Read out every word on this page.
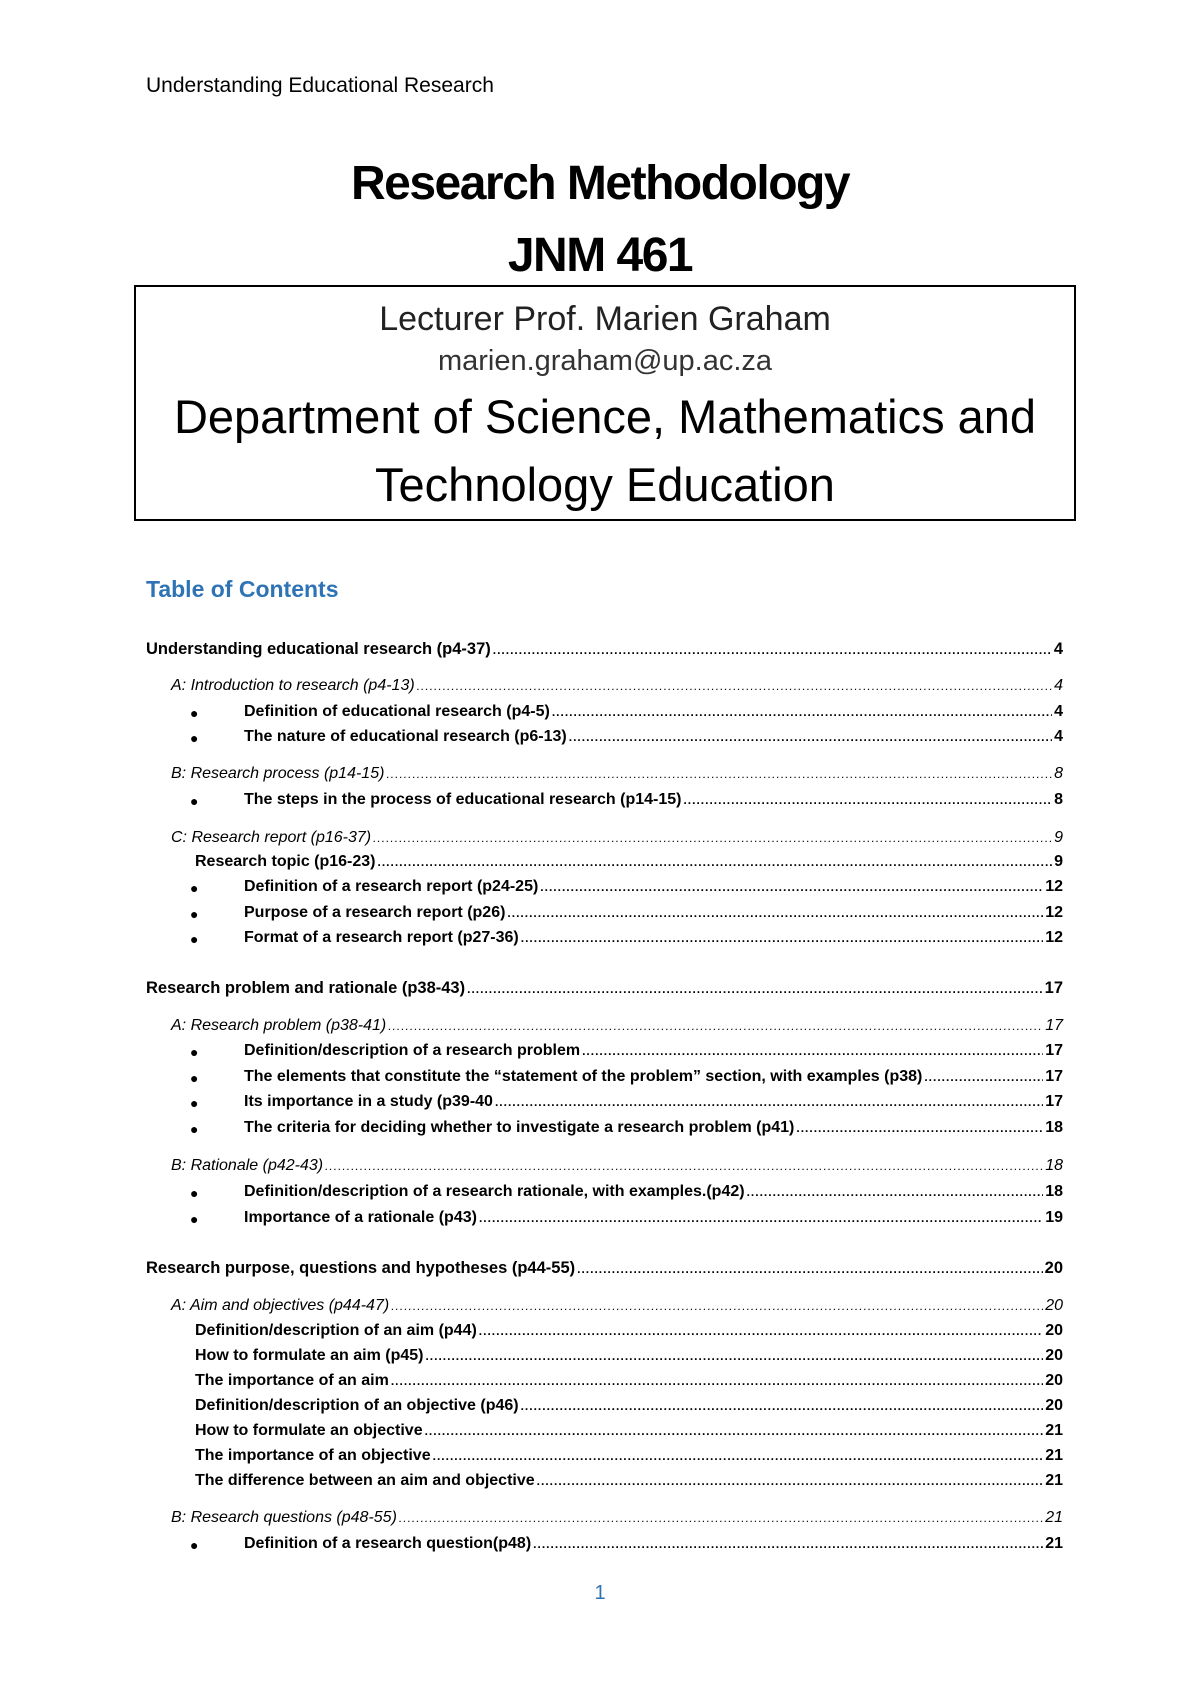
Understanding Educational Research
Research Methodology
JNM 461
Lecturer Prof. Marien Graham
marien.graham@up.ac.za
Department of Science, Mathematics and
Technology Education
Table of Contents
Understanding educational research (p4-37) .....	4
A: Introduction to research (p4-13) .....	4
●	Definition of educational research (p4-5) .....	4
●	The nature of educational research (p6-13) .....	4
B: Research process (p14-15) .....	8
●	The steps in the process of educational research (p14-15) .....	8
C: Research report (p16-37) .....	9
Research topic (p16-23) .....	9
●	Definition of a research report (p24-25) .....	12
●	Purpose of a research report (p26) .....	12
●	Format of a research report (p27-36) .....	12
Research problem and rationale (p38-43) .....	17
A: Research problem (p38-41) .....	17
●	Definition/description of a research problem .....	17
●	The elements that constitute the “statement of the problem” section, with examples (p38) .....	17
●	Its importance in a study (p39-40 .....	17
●	The criteria for deciding whether to investigate a research problem (p41) .....	18
B: Rationale (p42-43) .....	18
●	Definition/description of a research rationale, with examples.(p42) .....	18
●	Importance of a rationale (p43) .....	19
Research purpose, questions and hypotheses (p44-55) .....	20
A: Aim and objectives (p44-47) .....	20
Definition/description of an aim (p44) .....	20
How to formulate an aim (p45) .....	20
The importance of an aim .....	20
Definition/description of an objective (p46) .....	20
How to formulate an objective .....	21
The importance of an objective .....	21
The difference between an aim and objective .....	21
B: Research questions (p48-55) .....	21
●	Definition of a research question(p48) .....	21
1
